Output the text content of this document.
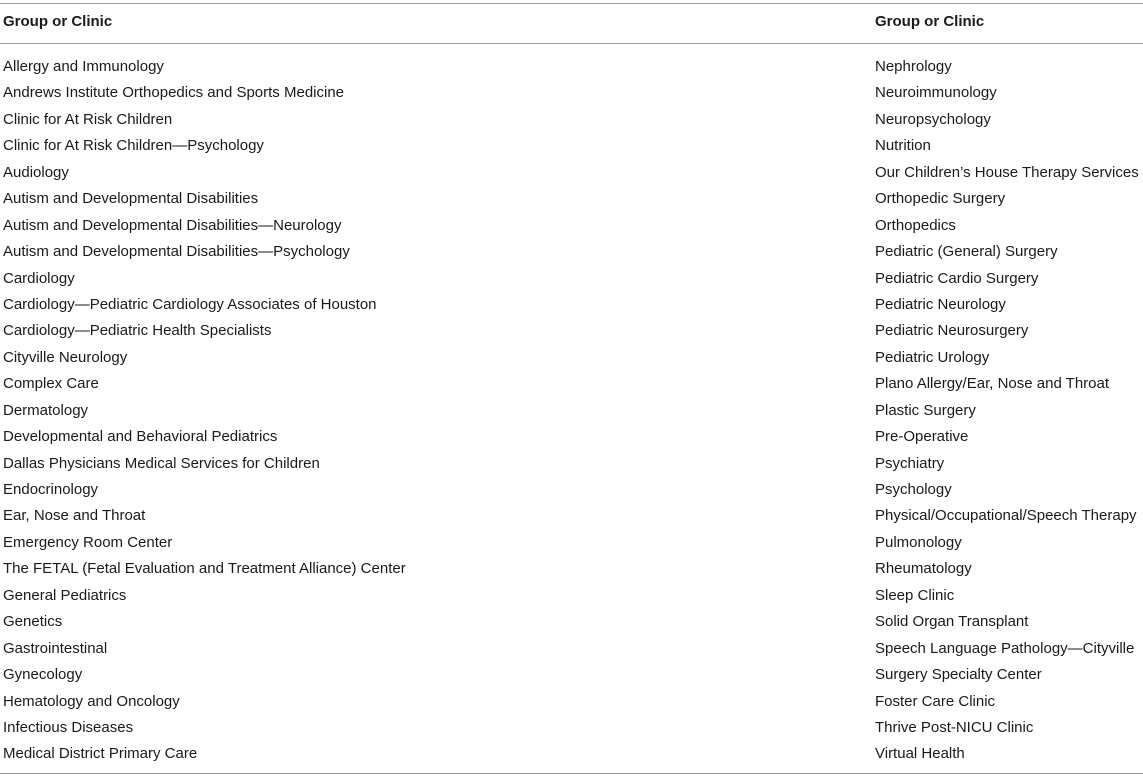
Group or Clinic	Group or Clinic
Allergy and Immunology	Nephrology
Andrews Institute Orthopedics and Sports Medicine	Neuroimmunology
Clinic for At Risk Children	Neuropsychology
Clinic for At Risk Children—Psychology	Nutrition
Audiology	Our Children’s House Therapy Services
Autism and Developmental Disabilities	Orthopedic Surgery
Autism and Developmental Disabilities—Neurology	Orthopedics
Autism and Developmental Disabilities—Psychology	Pediatric (General) Surgery
Cardiology	Pediatric Cardio Surgery
Cardiology—Pediatric Cardiology Associates of Houston	Pediatric Neurology
Cardiology—Pediatric Health Specialists	Pediatric Neurosurgery
Cityville Neurology	Pediatric Urology
Complex Care	Plano Allergy/Ear, Nose and Throat
Dermatology	Plastic Surgery
Developmental and Behavioral Pediatrics	Pre-Operative
Dallas Physicians Medical Services for Children	Psychiatry
Endocrinology	Psychology
Ear, Nose and Throat	Physical/Occupational/Speech Therapy
Emergency Room Center	Pulmonology
The FETAL (Fetal Evaluation and Treatment Alliance) Center	Rheumatology
General Pediatrics	Sleep Clinic
Genetics	Solid Organ Transplant
Gastrointestinal	Speech Language Pathology—Cityville
Gynecology	Surgery Specialty Center
Hematology and Oncology	Foster Care Clinic
Infectious Diseases	Thrive Post-NICU Clinic
Medical District Primary Care	Virtual Health
